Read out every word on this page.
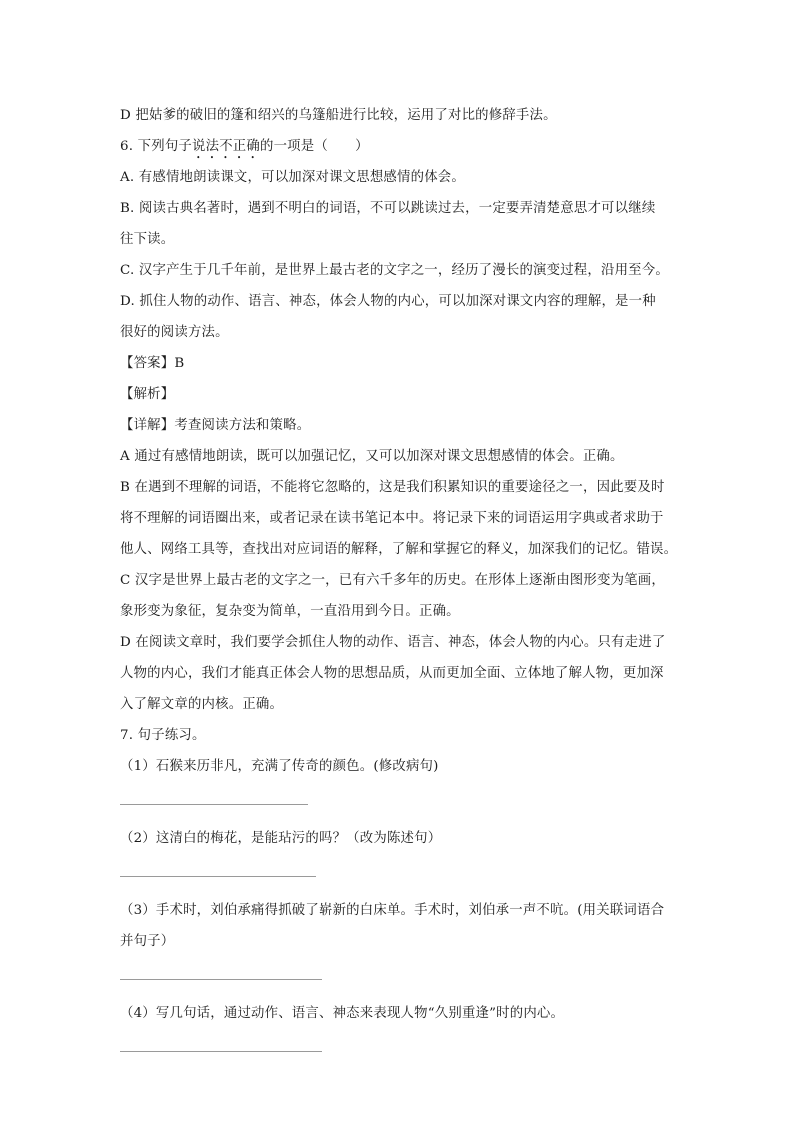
D 把姑爹的破旧的篷和绍兴的乌篷船进行比较，运用了对比的修辞手法。
6. 下列句子说法不正确的一项是（　　）
A. 有感情地朗读课文，可以加深对课文思想感情的体会。
B. 阅读古典名著时，遇到不明白的词语，不可以跳读过去，一定要弄清楚意思才可以继续
往下读。
C. 汉字产生于几千年前，是世界上最古老的文字之一，经历了漫长的演变过程，沿用至今。
D. 抓住人物的动作、语言、神态，体会人物的内心，可以加深对课文内容的理解，是一种
很好的阅读方法。
【答案】B
【解析】
【详解】考查阅读方法和策略。
A 通过有感情地朗读，既可以加强记忆，又可以加深对课文思想感情的体会。正确。
B 在遇到不理解的词语，不能将它忽略的，这是我们积累知识的重要途径之一，因此要及时
将不理解的词语圈出来，或者记录在读书笔记本中。将记录下来的词语运用字典或者求助于
他人、网络工具等，查找出对应词语的解释，了解和掌握它的释义，加深我们的记忆。错误。
C 汉字是世界上最古老的文字之一，已有六千多年的历史。在形体上逐渐由图形变为笔画，
象形变为象征，复杂变为简单，一直沿用到今日。正确。
D 在阅读文章时，我们要学会抓住人物的动作、语言、神态，体会人物的内心。只有走进了
人物的内心，我们才能真正体会人物的思想品质，从而更加全面、立体地了解人物，更加深
入了解文章的内核。正确。
7. 句子练习。
（1）石猴来历非凡，充满了传奇的颜色。(修改病句)
（2）这清白的梅花，是能玷污的吗？（改为陈述句）
（3）手术时，刘伯承痛得抓破了崭新的白床单。手术时，刘伯承一声不吭。(用关联词语合
并句子）
（4）写几句话，通过动作、语言、神态来表现人物“久别重逢”时的内心。
